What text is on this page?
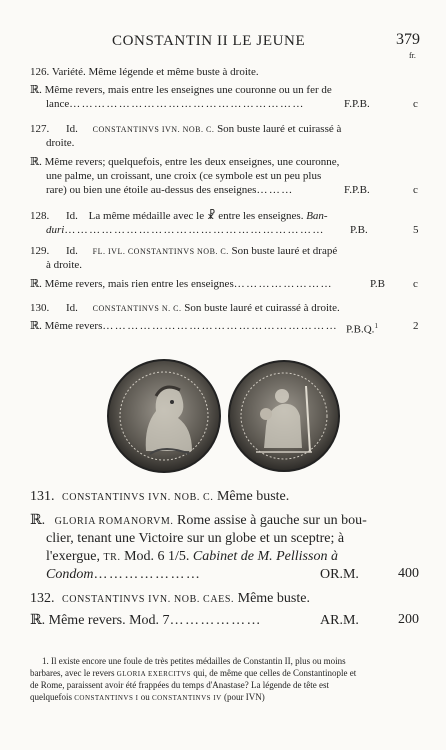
CONSTANTIN II LE JEUNE	379
fr.
126. Variété. Même légende et même buste à droite.
ℝ. Même revers, mais entre les enseignes une couronne ou un fer de
lance…………………………………………………	F.P.B.	c
127. Id. CONSTANTINVS IVN. NOB. C. Son buste lauré et cuirassé à
droite.
ℝ. Même revers; quelquefois, entre les deux enseignes, une couronne,
une palme, un croissant, une croix (ce symbole est un peu plus
rare) ou bien une étoile au-dessus des enseignes………	F.P.B.	c
128. Id. La même médaille avec le ☧ entre les enseignes. Ban-
duri………………………………………………………	P.B.	5
129. Id. FL. IVL. CONSTANTINVS NOB. C. Son buste lauré et drapé
à droite.
ℝ. Même revers, mais rien entre les enseignes……………………	P.B	c
130. Id. CONSTANTINVS N. C. Son buste lauré et cuirassé à droite.
ℝ. Même revers………………………………………………… P.B.Q.$^1$	2
131. CONSTANTINVS IVN. NOB. C. Même buste.
ℝ. GLORIA ROMANORVM. Rome assise à gauche sur un bou-
clier, tenant une Victoire sur un globe et un sceptre; à
l'exergue, TR. Mod. 6 1/5. Cabinet de M. Pellisson à
Condom…………………	OR.M.	400
132. CONSTANTINVS IVN. NOB. CAES. Même buste.
ℝ. Même revers. Mod. 7………………	AR.M.	200
1. Il existe encore une foule de très petites médailles de Constantin II, plus ou moins
barbares, avec le revers GLORIA EXERCITVS qui, de même que celles de Constantinople et
de Rome, paraissent avoir été frappées du temps d'Anastase? La légende de tête est
quelquefois CONSTANTINVS I ou CONSTANTINVS IV (pour IVN)
